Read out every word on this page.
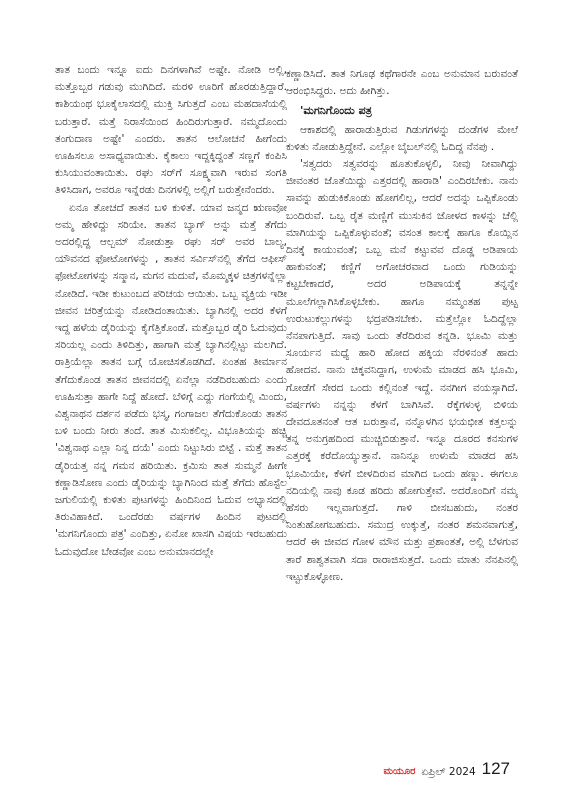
ತಾತ ಬಂದು ಇನ್ನೂ ಐದು ದಿನಗಳಾಗಿವೆ ಅಷ್ಟೇ. ನೋಡಿ ಅಲ್ಲಿ, ಮತ್ತೊಬ್ಬರ ಗಡುವು ಮುಗಿದಿದೆ. ಮರಳಿ ಊರಿಗೆ ಹೊರಡುತ್ತಿದ್ದಾರೆ. ಕಾಶಿಯಂಥ ಭೂಕೈಲಾಸದಲ್ಲಿ ಮುಕ್ತಿ ಸಿಗುತ್ತದೆ ಎಂಬ ಮಹದಾಸೆಯಲ್ಲಿ ಬರುತ್ತಾರೆ. ಮತ್ತೆ ನಿರಾಸೆಯಿಂದ ಹಿಂದಿರುಗುತ್ತಾರೆ. ನಮ್ಮದೊಂದು ತಂಗುದಾಣ ಅಷ್ಟೇ' ಎಂದರು. ತಾತನ ಆಲೋಚನೆ ಹೀಗೆಂದು ಊಹಿಸಲೂ ಅಸಾಧ್ಯವಾಯಿತು. ಕೈಕಾಲು ಇದ್ದಕ್ಕಿದ್ದಂತೆ ಸಣ್ಣಗೆ ಕಂಪಿಸಿ ಕುಸಿಯುವಂತಾಯಿತು. ರಘು ಸರ್‌ಗೆ ಸೂಕ್ಷ್ಮವಾಗಿ ಇರುವ ಸಂಗತಿ ತಿಳಿಸಿದಾಗ, ಅವರೂ ಇನ್ನೆರಡು ದಿನಗಳಲ್ಲಿ ಅಲ್ಲಿಗೆ ಬರುತ್ತೇನೆಂದರು.

ಏನೂ ತೋಚದೆ ತಾತನ ಬಳಿ ಕುಳಿತೆ. ಯಾವ ಜನ್ಮದ ಋಣವೋ ಅಮ್ಮ ಹೇಳಿದ್ದು ಸರಿಯೇ. ತಾತನ ಬ್ಯಾಗ್ ಅನ್ನು ಮತ್ತೆ ತೆಗೆದು ಅದರಲ್ಲಿದ್ದ ಆಲ್ಬಮ್ ನೋಡುತ್ತಾ ರಘು ಸರ್ ಅವರ ಬಾಲ್ಯ, ಯೌವನದ ಫೋಟೋಗಳನ್ನು , ತಾತನ ಸರ್ವಿಸ್‌ನಲ್ಲಿ ತೆಗೆದ ಆಫೀಸ್ ಫೋಟೋಗಳನ್ನು ಸನ್ಮಾನ, ಮಗನ ಮದುವೆ, ಮೊಮ್ಮಕ್ಕಳ ಚಿತ್ರಗಳನ್ನೆಲ್ಲಾ ನೋಡಿದೆ. ಇಡೀ ಕುಟುಂಬದ ಪರಿಚಯ ಆಯಿತು. ಒಬ್ಬ ವ್ಯಕ್ತಿಯ ಇಡೀ ಜೀವನ ಚರಿತ್ರೆಯನ್ನು ನೋಡಿದಂತಾಯಿತು. ಬ್ಯಾಗಿನಲ್ಲಿ ಅದರ ಕೆಳಗೆ ಇದ್ದ ಹಳೆಯ ಡೈರಿಯನ್ನು ಕೈಗೆತ್ತಿಕೊಂಡೆ. ಮತ್ತೊಬ್ಬರ ಡೈರಿ ಓದುವುದು ಸರಿಯಲ್ಲ ಎಂದು ತಿಳಿದಿತ್ತು, ಹಾಗಾಗಿ ಮತ್ತೆ ಬ್ಯಾಗಿನಲ್ಲಿಟ್ಟು ಮಲಗಿದೆ. ರಾತ್ರಿಯೆಲ್ಲಾ ತಾತನ ಬಗ್ಗೆ ಯೋಚಿಸತೊಡಗಿದೆ. ಏಂತಹ ತೀರ್ಮಾನ ತೆಗೆದುಕೊಂಡ ತಾತನ ಜೀವನದಲ್ಲಿ ಏನೆಲ್ಲಾ ನಡೆದಿರಬಹುದು ಎಂದು ಊಹಿಸುತ್ತಾ ಹಾಗೇ ನಿದ್ದೆ ಹೋದೆ. ಬೆಳಿಗ್ಗೆ ಎದ್ದು ಗಂಗೆಯಲ್ಲಿ ಮಿಂದು, ವಿಶ್ವನಾಥನ ದರ್ಶನ ಪಡೆದು ಭಸ್ಮ, ಗಂಗಾಜಲ ತೆಗೆದುಕೊಂಡು ತಾತನ ಬಳಿ ಬಂದು ನೀರು ತಂದೆ. ತಾತ ಮಿಸುಕಲಿಲ್ಲ. ವಿಭೂತಿಯನ್ನು ಹಚ್ಚಿ 'ವಿಶ್ವನಾಥ ಎಲ್ಲಾ ನಿನ್ನ ದಯೆ' ಎಂದು ನಿಟ್ಟುಸಿರು ಬಿಟ್ಟೆ . ಮತ್ತೆ ತಾತನ ಡೈರಿಯತ್ತ ನನ್ನ ಗಮನ ಹರಿಯಿತು. ಕ್ರಮಿಸು ತಾತ ಸುಮ್ಮನೆ ಹೀಗೇ ಕಣ್ಣಾಡಿಸೋಣ ಎಂದು ಡೈರಿಯನ್ನು ಬ್ಯಾಗಿನಿಂದ ಮತ್ತೆ ತೆಗೆದು ಹೊಸ್ಟೆಲ ಜಗುಲಿಯಲ್ಲಿ ಕುಳಿತು ಪುಟಗಳನ್ನು ಹಿಂದಿನಿಂದ ಓದುವ ಅಭ್ಯಾಸದಲ್ಲಿ ತಿರುವಿಹಾಕಿದೆ. ಒಂದೆರಡು ವರ್ಷಗಳ ಹಿಂದಿನ ಪುಟದಲ್ಲಿ 'ಮಗನಿಗೊಂದು ಪತ್ರ' ಎಂದಿತ್ತು, ಏನೋ ಖಾಸಗಿ ವಿಷಯ ಇರಬಹುದು ಓದುವುದೋ ಬೇಡವೋ ಎಂಬ ಅನುಮಾನದಲ್ಲೇ

ಕಣ್ಣಾಡಿಸಿದೆ. ತಾತ ನಿಗೂಢ ಕಥೆಗಾರನೇ ಎಂಬ ಅನುಮಾನ ಬರುವಂತೆ ಆರಂಭಿಸಿದ್ದರು. ಅದು ಹೀಗಿತ್ತು.

'ಮಗನಿಗೊಂದು ಪತ್ರ

ಆಕಾಶದಲ್ಲಿ ಹಾರಾಡುತ್ತಿರುವ ಗಿಡುಗಗಳನ್ನು ದಂಡೆಗಳ ಮೇಲೆ ಕುಳಿತು ನೋಡುತ್ತಿದ್ದೇನೆ. ಎಲ್ಲೋ ಬೈಬಲ್‌ನಲ್ಲಿ ಓದಿದ್ದ ನೆನಪು .

'ಸತ್ವದರು ಸತ್ವವರನ್ನು ಹೂತುಕೊಳ್ಳಲಿ, ನೀವು ನೀವಾಗಿದ್ದು ಜೀವಂತರ ಜೊತೆಯಿದ್ದು ಎತ್ತರದಲ್ಲಿ ಹಾರಾಡಿ' ಎಂದಿರಬೇಕು. ನಾನು ಸಾವನ್ನು ಹುಡುಕಿಕೊಂಡು ಹೋಗಲಿಲ್ಲ, ಆದರೆ ಅದನ್ನು ಒಪ್ಪಿಕೊಂಡು ಬಂದಿರುವೆ. ಒಬ್ಬ ರೈತ ಮಣ್ಣಿಗೆ ಮುಸುಕಿನ ಜೋಳದ ಕಾಳನ್ನು ಚೆಲ್ಲಿ ಮಾಗಿಯನ್ನು ಒಪ್ಪಿಕೊಳ್ಳುವಂತೆ; ವಸಂತ ಕಾಲಕ್ಕೆ ಹಾಗೂ ಕೊಯ್ಲಿನ ದಿನಕ್ಕೆ ಕಾಯುವಂತೆ; ಒಬ್ಬ ಮನೆ ಕಟ್ಟುವವ ದೊಡ್ಡ ಅಡಿಪಾಯ ಹಾಕುವಂತೆ; ಕಣ್ಣಿಗೆ ಅಗೋಚರವಾದ ಒಂದು ಗುಡಿಯನ್ನು ಕಟ್ಟಬೇಕಾದರೆ, ಅದರ ಅಡಿಪಾಯಕ್ಕೆ ತನ್ನನ್ನೇ ಮೂಲೆಗಲ್ಲಾಗಿಸಿಕೊಳ್ಳಬೇಕು. ಹಾಗೂ ನಮ್ಮಂತಹ ಪುಟ್ಟ ಉರುಟುಕಲ್ಲುಗಳನ್ನು ಭದ್ರಪಡಿಸಬೇಕು. ಮತ್ತೆಲ್ಲೋ ಓದಿದ್ದೆಲ್ಲಾ ನೆನಪಾಗುತ್ತಿದೆ. ಸಾವು ಒಂದು ತೆರೆದಿರುವ ಕನ್ನಡಿ. ಭೂಮಿ ಮತ್ತು ಸೂರ್ಯನ ಮಧ್ಯೆ ಹಾರಿ ಹೋದ ಹಕ್ಕಿಯ ನೆರಳಿನಂತೆ ಹಾದು ಹೋದವ. ನಾನು ಚಿಕ್ಕವನಿದ್ದಾಗ, ಉಳುಮೆ ಮಾಡದ ಹಸಿ ಭೂಮಿ, ಗೋಡೆಗೆ ಸೇರದ ಒಂದು ಕಲ್ಲಿನಂತೆ ಇದ್ದೆ. ನನಗೀಗ ವಯಸ್ಸಾಗಿದೆ. ವರ್ಷಗಳು ನನ್ನನ್ನು ಕೆಳಗೆ ಬಾಗಿಸಿವೆ. ರೆಕ್ಕೆಗಳುಳ್ಳ ಬಿಳಿಯ ದೇವದೂತನಂತೆ ಆತ ಬರುತ್ತಾನೆ, ನನ್ನೊಳಗಿನ ಭಯಭೀತ ಕತ್ತಲನ್ನು ತನ್ನ ಅನುಗ್ರಹದಿಂದ ಮುಚ್ಚಿಬಿಡುತ್ತಾನೆ. ಇನ್ನೂ ದೂರದ ಕನಸುಗಳ ಎತ್ತರಕ್ಕೆ ಕರೆದೊಯ್ಯುತ್ತಾನೆ. ನಾನಿನ್ನೂ ಉಳುಮೆ ಮಾಡದ ಹಸಿ ಭೂಮಿಯೇ, ಕೆಳಗೆ ಬೀಳದಿರುವ ಮಾಗಿದ ಒಂದು ಹಣ್ಣು. ಈಗಲೂ ನದಿಯಲ್ಲಿ ನಾವು ಕೂಡ ಹರಿದು ಹೋಗುತ್ತೇವೆ. ಅದರೊಂದಿಗೆ ನಮ್ಮ ಹೆಸರು ಇಲ್ಲವಾಗುತ್ತದೆ. ಗಾಳಿ ಬೀಸಬಹುದು, ನಂತರ ನಿಂತುಹೋಗಬಹುದು. ಸಮುದ್ರ ಉಕ್ಕುತ್ತೆ, ನಂತರ ಶಮನವಾಗುತ್ತೆ, ಆದರೆ ಈ ಜೀವದ ಗೋಳ ಮೌನ ಮತ್ತು ಪ್ರಶಾಂತತೆ, ಅಲ್ಲಿ ಬೆಳಗುವ ತಾರೆ ಶಾಶ್ವತವಾಗಿ ಸದಾ ರಾರಾಜಿಸುತ್ತದೆ. ಒಂದು ಮಾತು ನೆನಪಿನಲ್ಲಿ ಇಟ್ಟುಕೊಳ್ಳೋಣ.

ಮಯೂರ ಏಪ್ರಿಲ್ 2024 127
